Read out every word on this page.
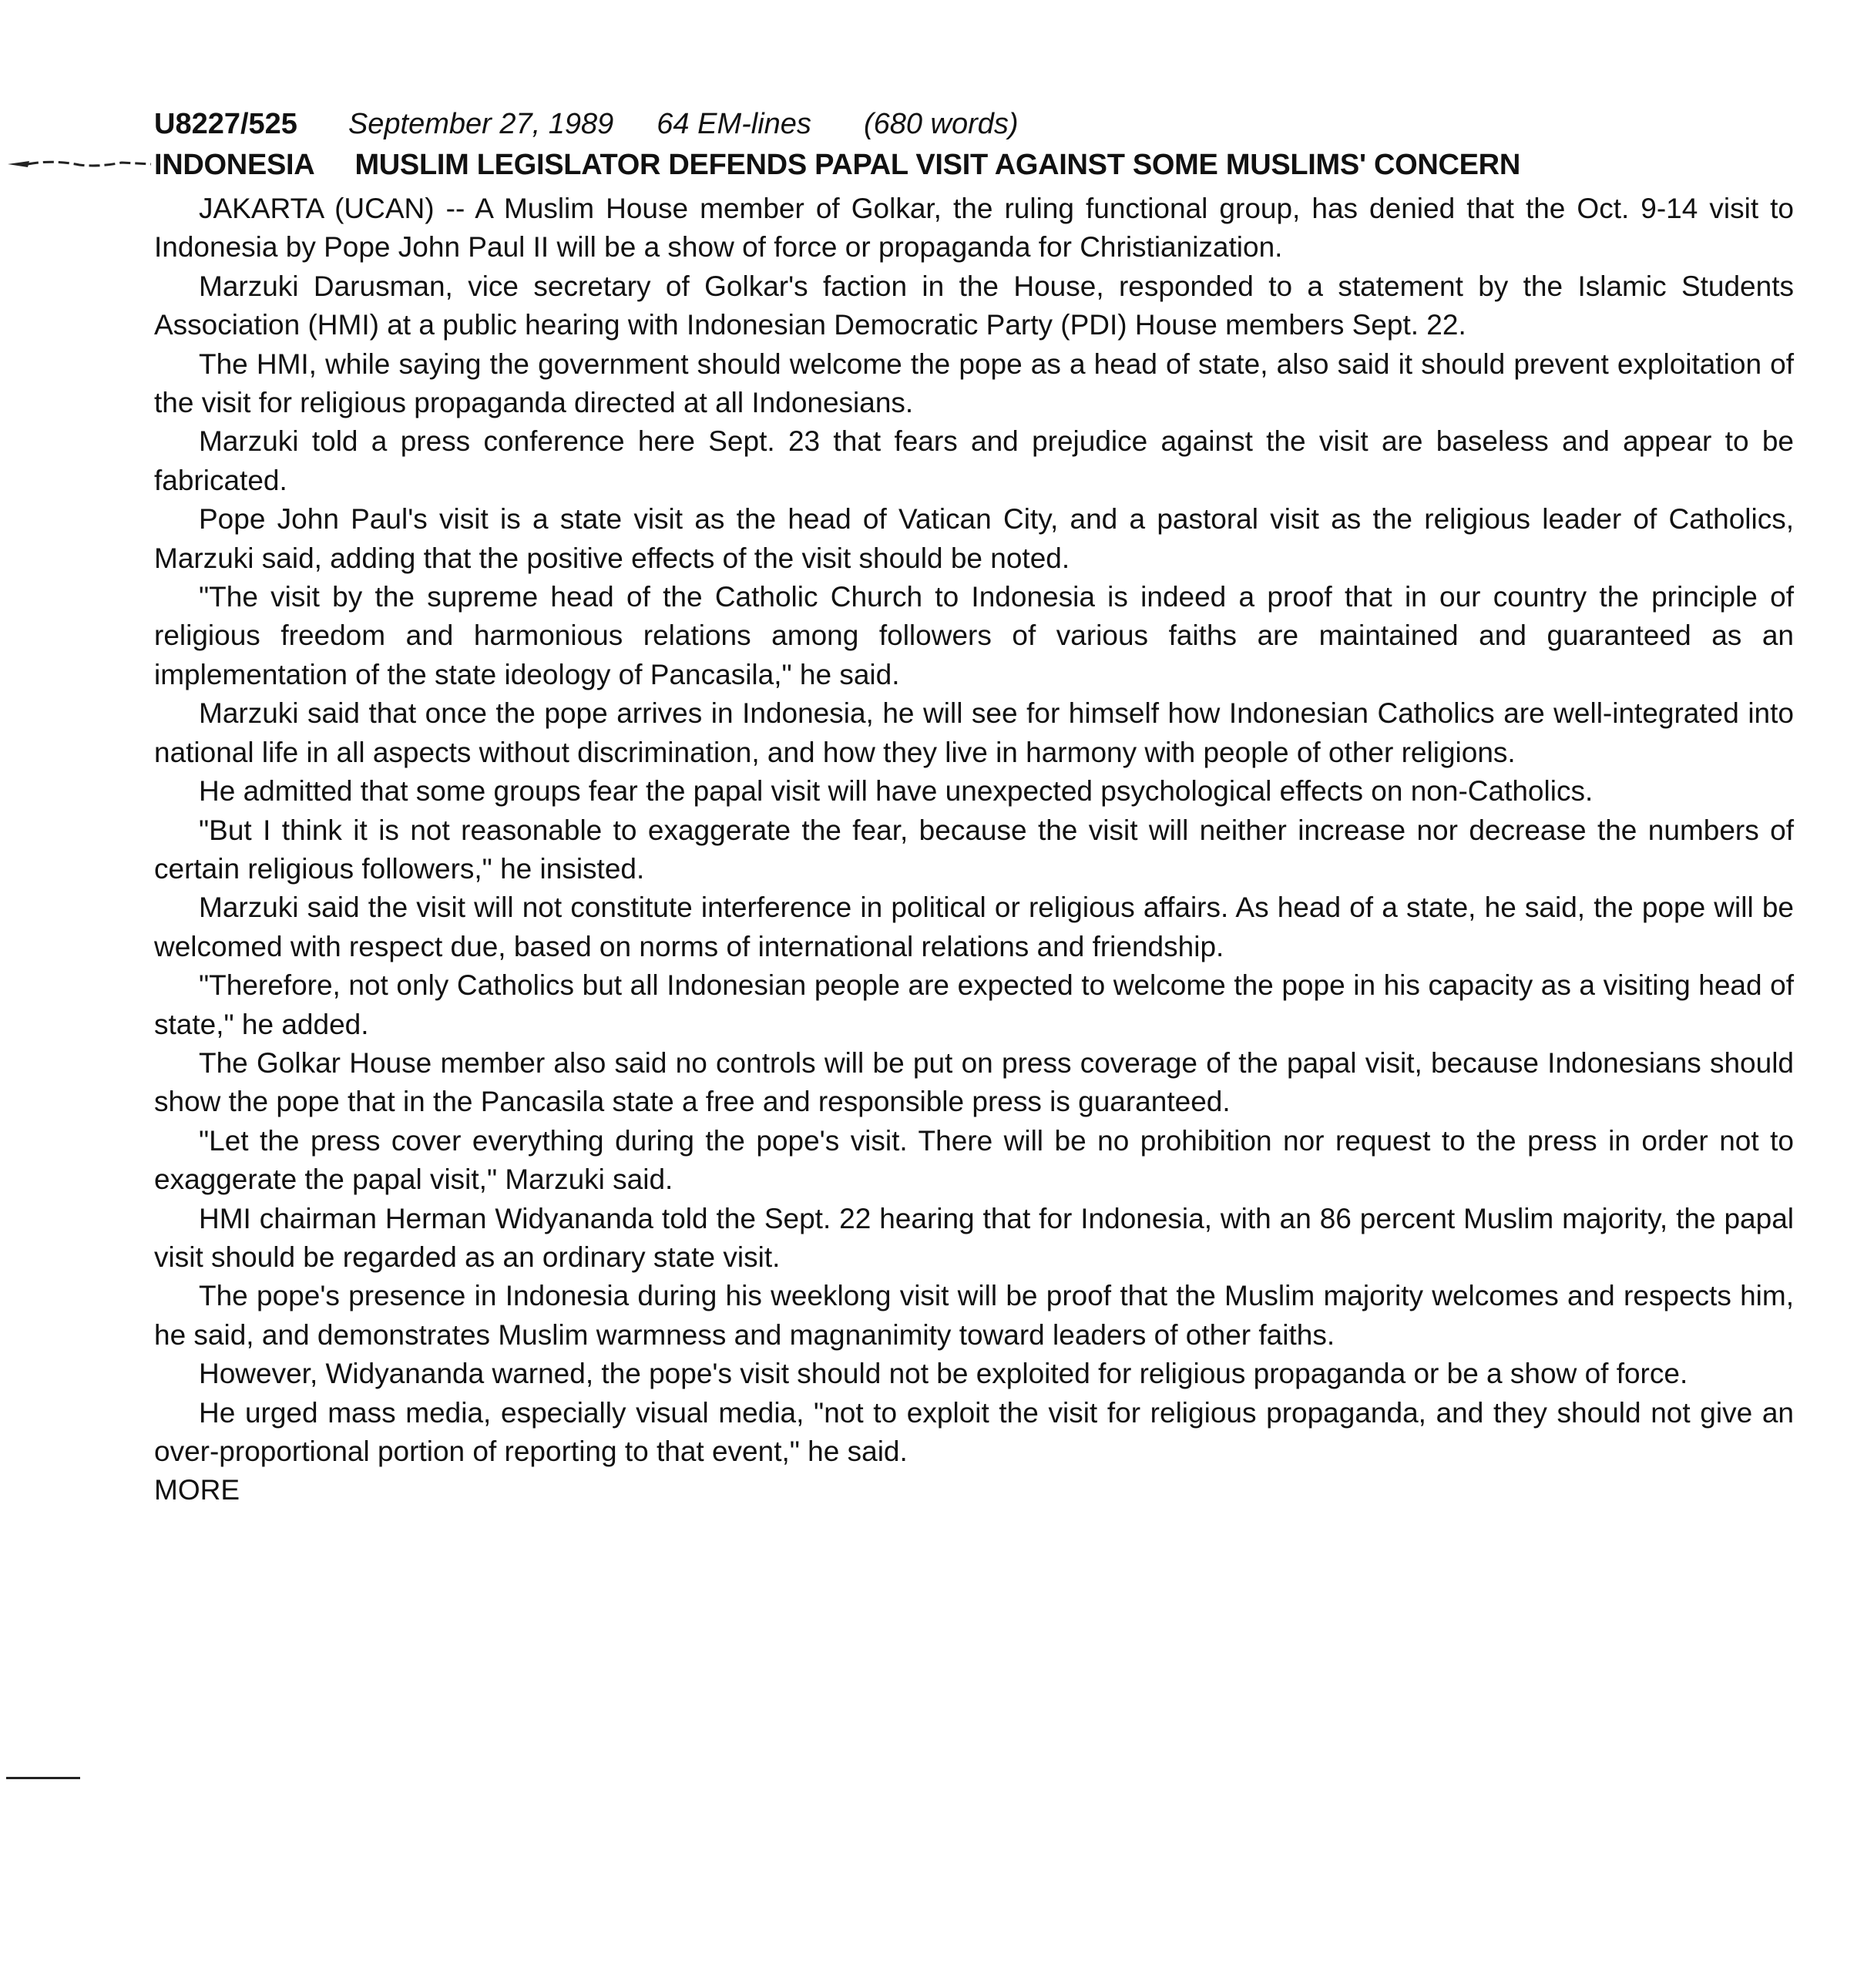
U8227/525 September 27, 1989 64 EM-lines (680 words)
INDONESIA MUSLIM LEGISLATOR DEFENDS PAPAL VISIT AGAINST SOME MUSLIMS' CONCERN

JAKARTA (UCAN) -- A Muslim House member of Golkar, the ruling functional group, has denied that the Oct. 9-14 visit to Indonesia by Pope John Paul II will be a show of force or propaganda for Christianization.

Marzuki Darusman, vice secretary of Golkar's faction in the House, responded to a statement by the Islamic Students Association (HMI) at a public hearing with Indonesian Democratic Party (PDI) House members Sept. 22.

The HMI, while saying the government should welcome the pope as a head of state, also said it should prevent exploitation of the visit for religious propaganda directed at all Indonesians.

Marzuki told a press conference here Sept. 23 that fears and prejudice against the visit are baseless and appear to be fabricated.

Pope John Paul's visit is a state visit as the head of Vatican City, and a pastoral visit as the religious leader of Catholics, Marzuki said, adding that the positive effects of the visit should be noted.

"The visit by the supreme head of the Catholic Church to Indonesia is indeed a proof that in our country the principle of religious freedom and harmonious relations among followers of various faiths are maintained and guaranteed as an implementation of the state ideology of Pancasila," he said.

Marzuki said that once the pope arrives in Indonesia, he will see for himself how Indonesian Catholics are well-integrated into national life in all aspects without discrimination, and how they live in harmony with people of other religions.

He admitted that some groups fear the papal visit will have unexpected psychological effects on non-Catholics.

"But I think it is not reasonable to exaggerate the fear, because the visit will neither increase nor decrease the numbers of certain religious followers," he insisted.

Marzuki said the visit will not constitute interference in political or religious affairs. As head of a state, he said, the pope will be welcomed with respect due, based on norms of international relations and friendship.

"Therefore, not only Catholics but all Indonesian people are expected to welcome the pope in his capacity as a visiting head of state," he added.

The Golkar House member also said no controls will be put on press coverage of the papal visit, because Indonesians should show the pope that in the Pancasila state a free and responsible press is guaranteed.

"Let the press cover everything during the pope's visit. There will be no prohibition nor request to the press in order not to exaggerate the papal visit," Marzuki said.

HMI chairman Herman Widyananda told the Sept. 22 hearing that for Indonesia, with an 86 percent Muslim majority, the papal visit should be regarded as an ordinary state visit.

The pope's presence in Indonesia during his weeklong visit will be proof that the Muslim majority welcomes and respects him, he said, and demonstrates Muslim warmness and magnanimity toward leaders of other faiths.

However, Widyananda warned, the pope's visit should not be exploited for religious propaganda or be a show of force.

He urged mass media, especially visual media, "not to exploit the visit for religious propaganda, and they should not give an over-proportional portion of reporting to that event," he said.

MORE
